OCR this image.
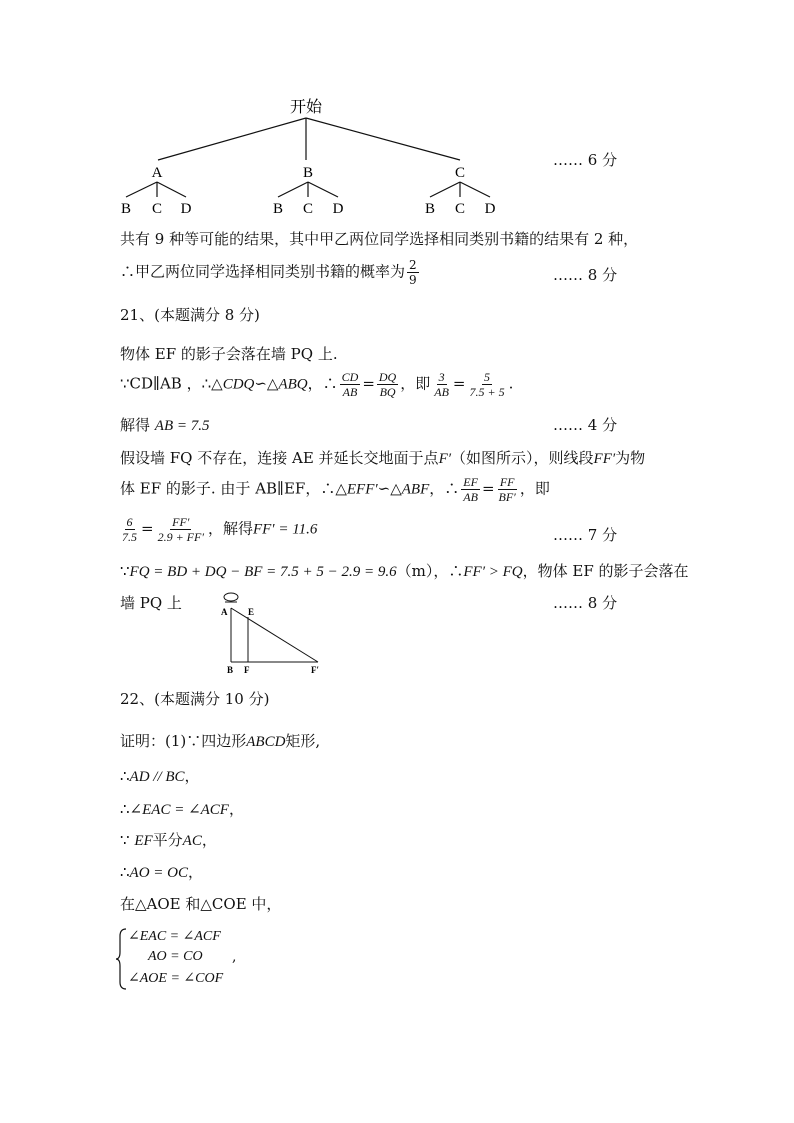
开始
A	B	C
B C D	B C D	B C D
…… 6 分
共有 9 种等可能的结果，其中甲乙两位同学选择相同类别书籍的结果有 2 种，
∴甲乙两位同学选择相同类别书籍的概率为 $\frac{2}{9}$	…… 8 分
21、(本题满分 8 分)
物体 EF 的影子会落在墙 PQ 上.
∵CD∥AB ，∴△CDQ∽△ABQ，∴ $\frac{CD}{AB} = \frac{DQ}{BQ}$ ，即 $\frac{3}{AB} = \frac{5}{7.5 + 5}$ .
解得 AB = 7.5	…… 4 分
假设墙 FQ 不存在，连接 AE 并延长交地面于点F′（如图所示），则线段FF′为物
体 EF 的影子. 由于 AB∥EF，∴△EFF′∽△ABF，∴ $\frac{EF}{AB} = \frac{FF}{BF'}$ ，即
$\frac{6}{7.5} = \frac{FF'}{2.9 + FF'}$ ，解得FF′ = 11.6	…… 7 分
∵FQ = BD + DQ − BF = 7.5 + 5 − 2.9 = 9.6（m），∴FF′ > FQ，物体 EF 的影子会落在
墙 PQ 上	…… 8 分
A E
B F	F′
22、(本题满分 10 分)
证明：(1)∵四边形ABCD矩形,
∴AD // BC，
∴∠EAC = ∠ACF，
∵ EF平分AC，
∴AO = OC，
在△AOE 和△COE 中，
∠EAC = ∠ACF
AO = CO ,
∠AOE = ∠COF
